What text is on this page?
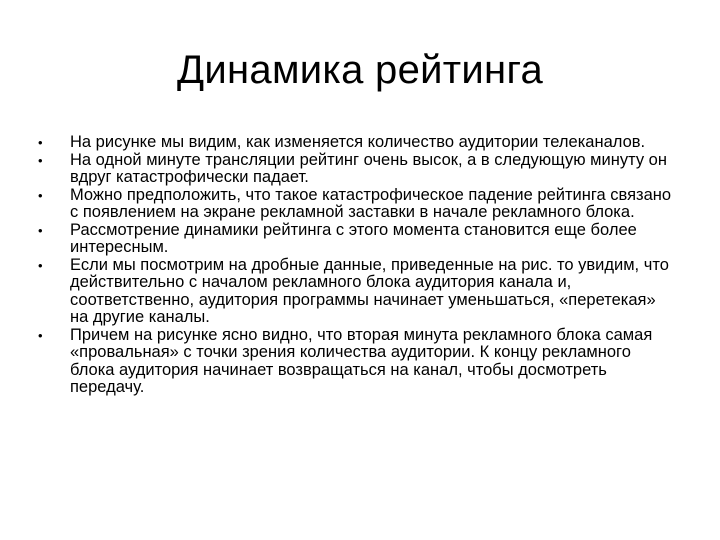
Динамика рейтинга
•	На рисунке мы видим, как изменяется количество аудитории телеканалов.
•	На одной минуте трансляции рейтинг очень высок, а в следующую минуту он вдруг катастрофически падает.
•	Можно предположить, что такое катастрофическое падение рейтинга связано с появлением на экране рекламной заставки в начале рекламного блока.
•	Рассмотрение динамики рейтинга с этого момента становится еще более интересным.
•	Если мы посмотрим на дробные данные, приведенные на рис. то увидим, что действительно с началом рекламного блока аудитория канала и, соответственно, аудитория программы начинает уменьшаться, «перетекая» на другие каналы.
•	Причем на рисунке ясно видно, что вторая минута рекламного блока самая «провальная» с точки зрения количества аудитории. К концу рекламного блока аудитория начинает возвращаться на канал, чтобы досмотреть передачу.
